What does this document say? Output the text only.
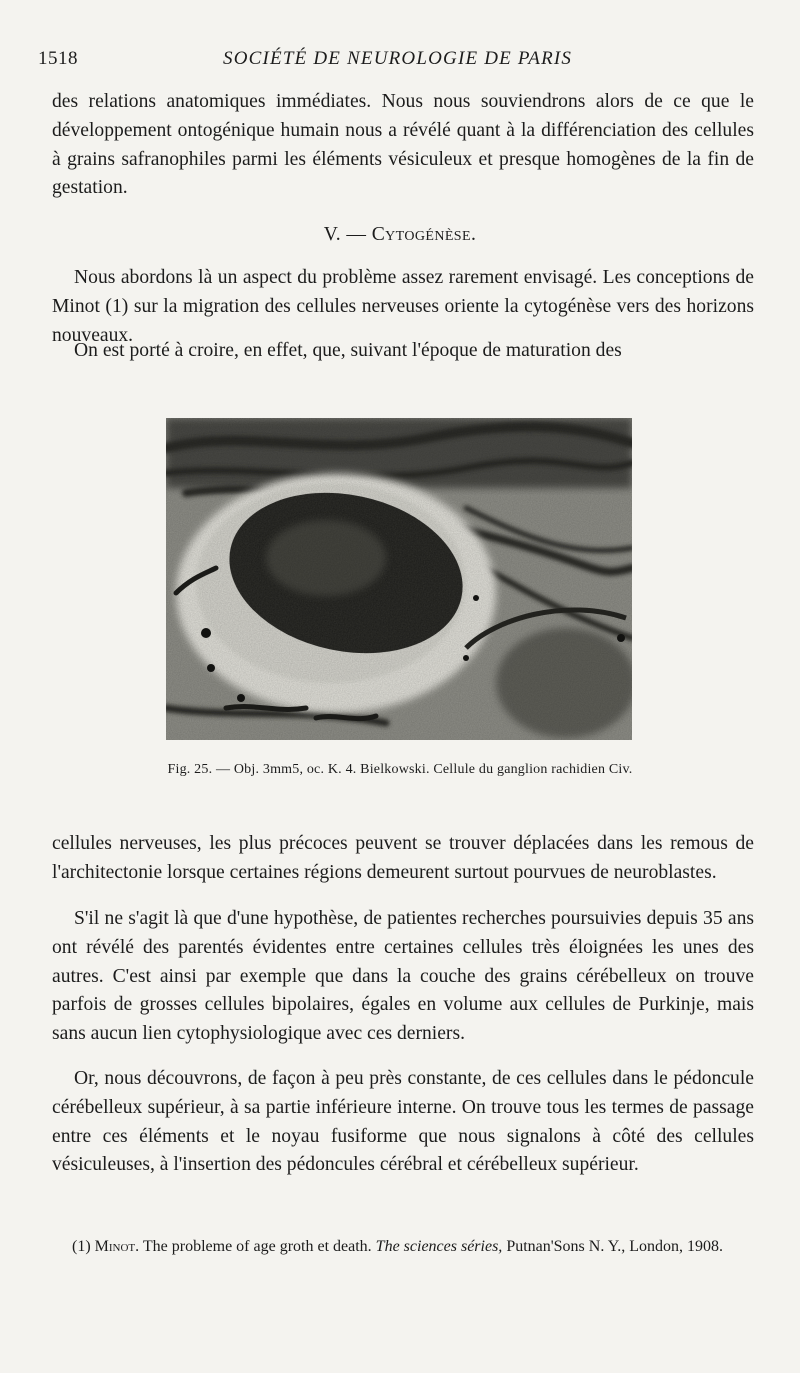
1518	SOCIÉTÉ DE NEUROLOGIE DE PARIS

des relations anatomiques immédiates. Nous nous souviendrons alors de ce que le développement ontogénique humain nous a révélé quant à la différenciation des cellules à grains safranophiles parmi les éléments vésiculeux et presque homogènes de la fin de gestation.

V. — Cytogénèse.

Nous abordons là un aspect du problème assez rarement envisagé. Les conceptions de Minot (1) sur la migration des cellules nerveuses oriente la cytogénèse vers des horizons nouveaux.

On est porté à croire, en effet, que, suivant l'époque de maturation des

Fig. 25. — Obj. 3mm5, oc. K. 4. Bielkowski. Cellule du ganglion rachidien Civ.

cellules nerveuses, les plus précoces peuvent se trouver déplacées dans les remous de l'architectonie lorsque certaines régions demeurent surtout pourvues de neuroblastes.

S'il ne s'agit là que d'une hypothèse, de patientes recherches poursuivies depuis 35 ans ont révélé des parentés évidentes entre certaines cellules très éloignées les unes des autres. C'est ainsi par exemple que dans la couche des grains cérébelleux on trouve parfois de grosses cellules bipolaires, égales en volume aux cellules de Purkinje, mais sans aucun lien cytophysiologique avec ces derniers.

Or, nous découvrons, de façon à peu près constante, de ces cellules dans le pédoncule cérébelleux supérieur, à sa partie inférieure interne. On trouve tous les termes de passage entre ces éléments et le noyau fusiforme que nous signalons à côté des cellules vésiculeuses, à l'insertion des pédoncules cérébral et cérébelleux supérieur.

(1) Minot. The probleme of age groth et death. The sciences séries, Putnan'Sons N. Y., London, 1908.
